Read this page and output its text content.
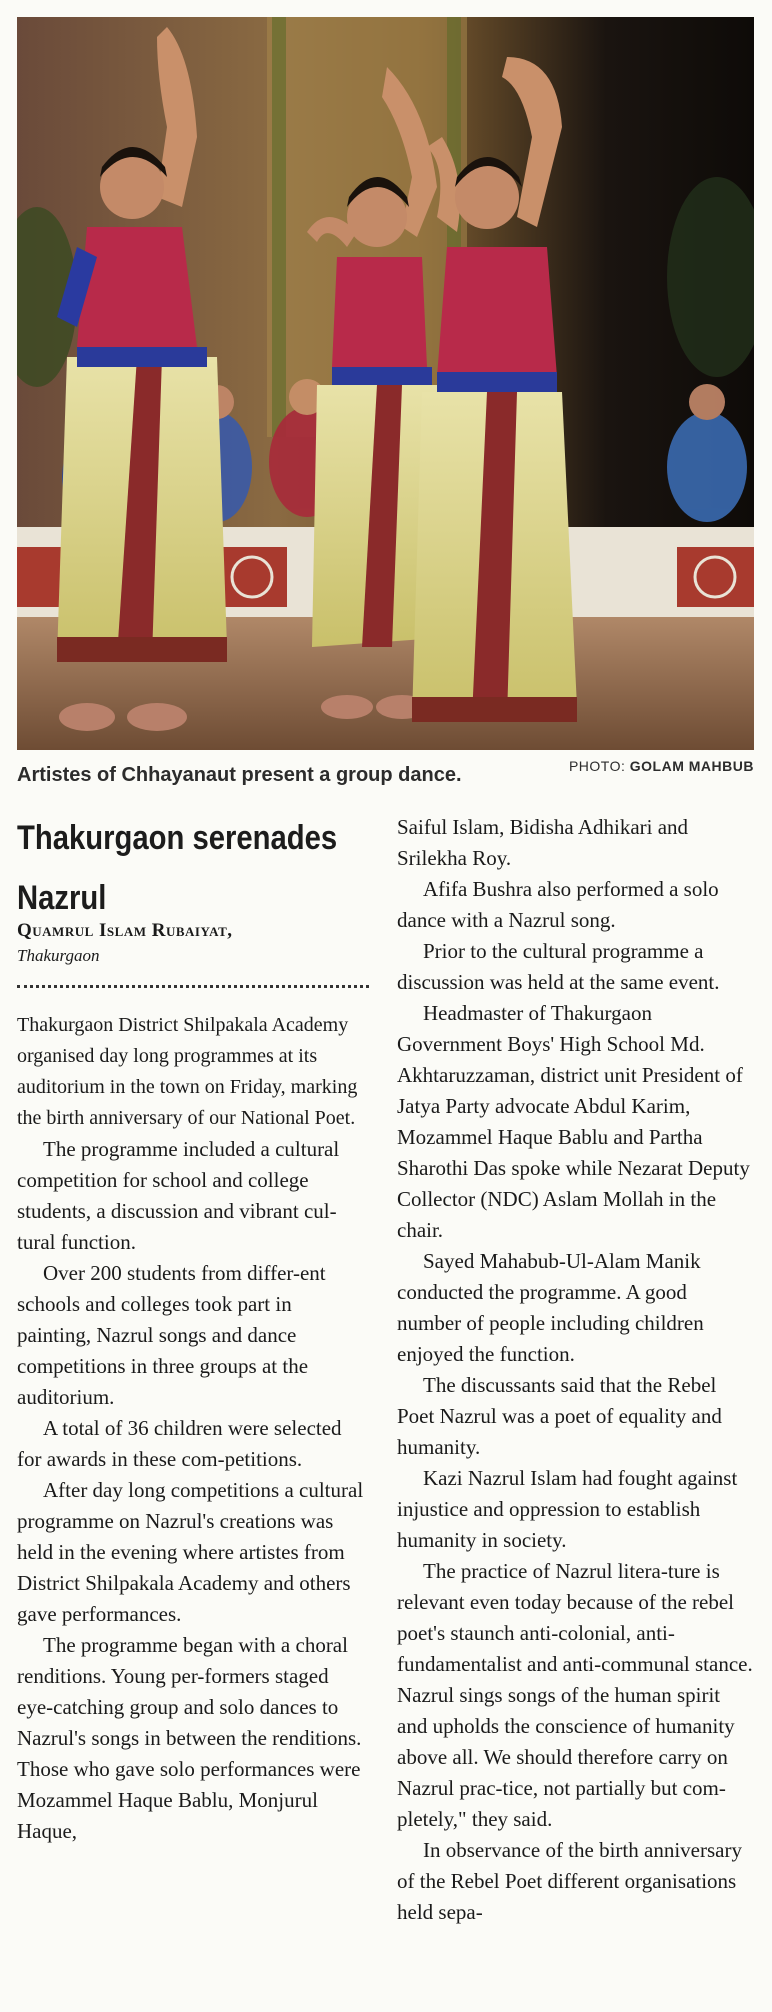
Artistes of Chhayanaut present a group dance.	PHOTO: GOLAM MAHBUB
Thakurgaon serenades
Nazrul
Quamrul Islam Rubaiyat,
Thakurgaon

Thakurgaon District Shilpakala Academy organised day long programmes at its auditorium in the town on Friday, marking the birth anniversary of our National Poet.

The programme included a cultural competition for school and college students, a discussion and vibrant cul-tural function.

Over 200 students from differ-ent schools and colleges took part in painting, Nazrul songs and dance competitions in three groups at the auditorium.

A total of 36 children were selected for awards in these com-petitions.

After day long competitions a cultural programme on Nazrul's creations was held in the evening where artistes from District Shilpakala Academy and others gave performances.

The programme began with a choral renditions. Young per-formers staged eye-catching group and solo dances to Nazrul's songs in between the renditions. Those who gave solo performances were Mozammel Haque Bablu, Monjurul Haque,

Saiful Islam, Bidisha Adhikari and Srilekha Roy.

Afifa Bushra also performed a solo dance with a Nazrul song.

Prior to the cultural programme a discussion was held at the same event.

Headmaster of Thakurgaon Government Boys' High School Md. Akhtaruzzaman, district unit President of Jatya Party advocate Abdul Karim, Mozammel Haque Bablu and Partha Sharothi Das spoke while Nezarat Deputy Collector (NDC) Aslam Mollah in the chair.

Sayed Mahabub-Ul-Alam Manik conducted the programme. A good number of people including children enjoyed the function.

The discussants said that the Rebel Poet Nazrul was a poet of equality and humanity.

Kazi Nazrul Islam had fought against injustice and oppression to establish humanity in society.

The practice of Nazrul litera-ture is relevant even today because of the rebel poet's staunch anti-colonial, anti-fundamentalist and anti-communal stance. Nazrul sings songs of the human spirit and upholds the conscience of humanity above all. We should therefore carry on Nazrul prac-tice, not partially but com-pletely," they said.

In observance of the birth anniversary of the Rebel Poet different organisations held sepa-
